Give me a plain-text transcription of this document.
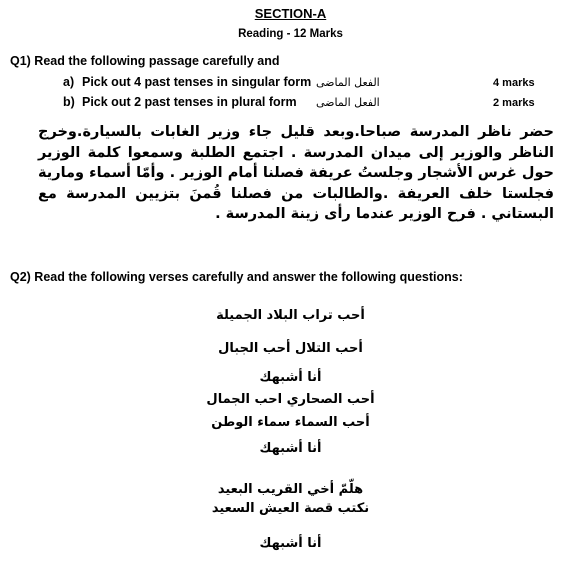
SECTION-A
Reading - 12 Marks
Q1) Read the following passage carefully and
a) Pick out 4 past tenses in singular form الفعل الماضى	4 marks
b) Pick out 2 past tenses in plural form الفعل الماضى	2 marks
حضر ناظر المدرسة صباحا.وبعد قليل جاء وزير الغابات بالسيارة.وخرج الناظر والوزير إلى ميدان المدرسة . اجتمع الطلبة وسمعوا كلمة الوزير حول غرس الأشجار وجلستُ عريفة فصلنا أمام الوزير . وأمّا أسماء ومارية فجلستا خلف العريفة .والطالبات من فصلنا قُمنَ بتزيين المدرسة مع البستاني . فرح الوزير عندما رأى زينة المدرسة .
Q2) Read the following verses carefully and answer the following questions:
أحب تراب البلاد الجميلة
أحب التلال أحب الجبال
أنا أشبهك
أحب الصحاري احب الجمال
أحب السماء سماء الوطن
أنا أشبهك
هلّمّ أخي القريب البعيد
نكتب قصة العيش السعيد
أنا أشبهك
